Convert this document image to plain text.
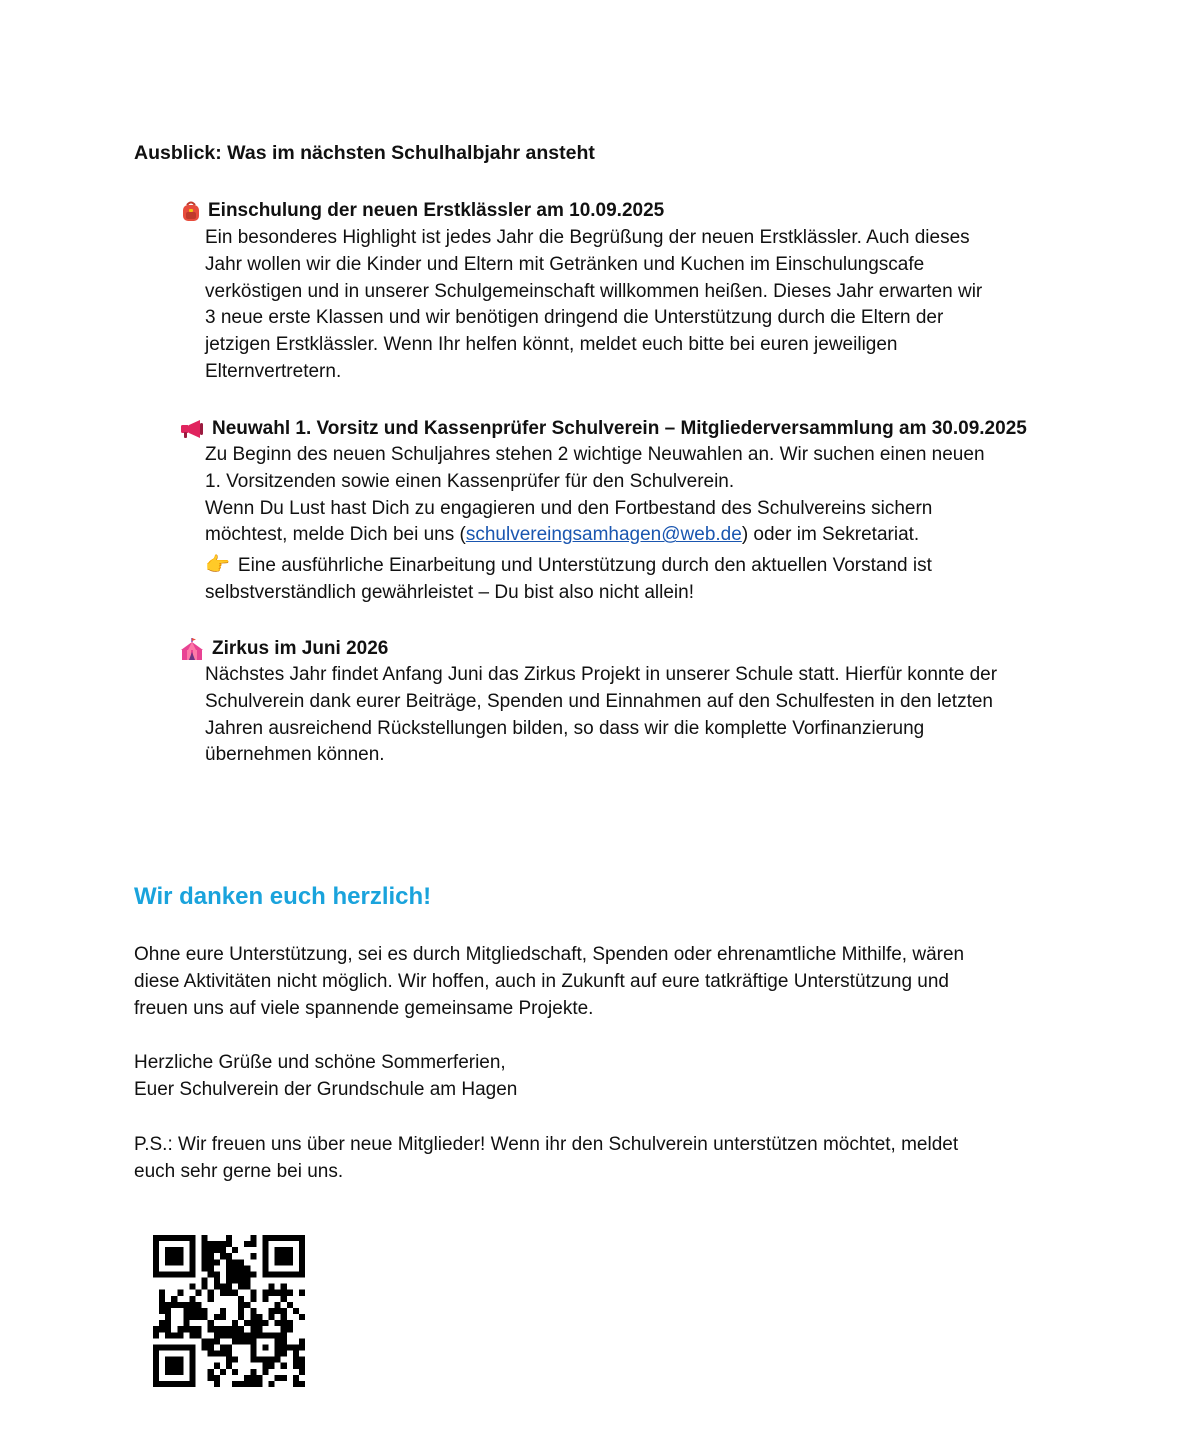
Ausblick: Was im nächsten Schulhalbjahr ansteht
Einschulung der neuen Erstklässler am 10.09.2025
Ein besonderes Highlight ist jedes Jahr die Begrüßung der neuen Erstklässler. Auch dieses
Jahr wollen wir die Kinder und Eltern mit Getränken und Kuchen im Einschulungscafe
verköstigen und in unserer Schulgemeinschaft willkommen heißen. Dieses Jahr erwarten wir
3 neue erste Klassen und wir benötigen dringend die Unterstützung durch die Eltern der
jetzigen Erstklässler. Wenn Ihr helfen könnt, meldet euch bitte bei euren jeweiligen
Elternvertretern.
Neuwahl 1. Vorsitz und Kassenprüfer Schulverein – Mitgliederversammlung am 30.09.2025
Zu Beginn des neuen Schuljahres stehen 2 wichtige Neuwahlen an. Wir suchen einen neuen
1. Vorsitzenden sowie einen Kassenprüfer für den Schulverein.
Wenn Du Lust hast Dich zu engagieren und den Fortbestand des Schulvereins sichern
möchtest, melde Dich bei uns (schulvereingsamhagen@web.de) oder im Sekretariat.
👉 Eine ausführliche Einarbeitung und Unterstützung durch den aktuellen Vorstand ist
selbstverständlich gewährleistet – Du bist also nicht allein!
Zirkus im Juni 2026
Nächstes Jahr findet Anfang Juni das Zirkus Projekt in unserer Schule statt. Hierfür konnte der
Schulverein dank eurer Beiträge, Spenden und Einnahmen auf den Schulfesten in den letzten
Jahren ausreichend Rückstellungen bilden, so dass wir die komplette Vorfinanzierung
übernehmen können.
Wir danken euch herzlich!
Ohne eure Unterstützung, sei es durch Mitgliedschaft, Spenden oder ehrenamtliche Mithilfe, wären
diese Aktivitäten nicht möglich. Wir hoffen, auch in Zukunft auf eure tatkräftige Unterstützung und
freuen uns auf viele spannende gemeinsame Projekte.
Herzliche Grüße und schöne Sommerferien,
Euer Schulverein der Grundschule am Hagen
P.S.: Wir freuen uns über neue Mitglieder! Wenn ihr den Schulverein unterstützen möchtet, meldet
euch sehr gerne bei uns.
